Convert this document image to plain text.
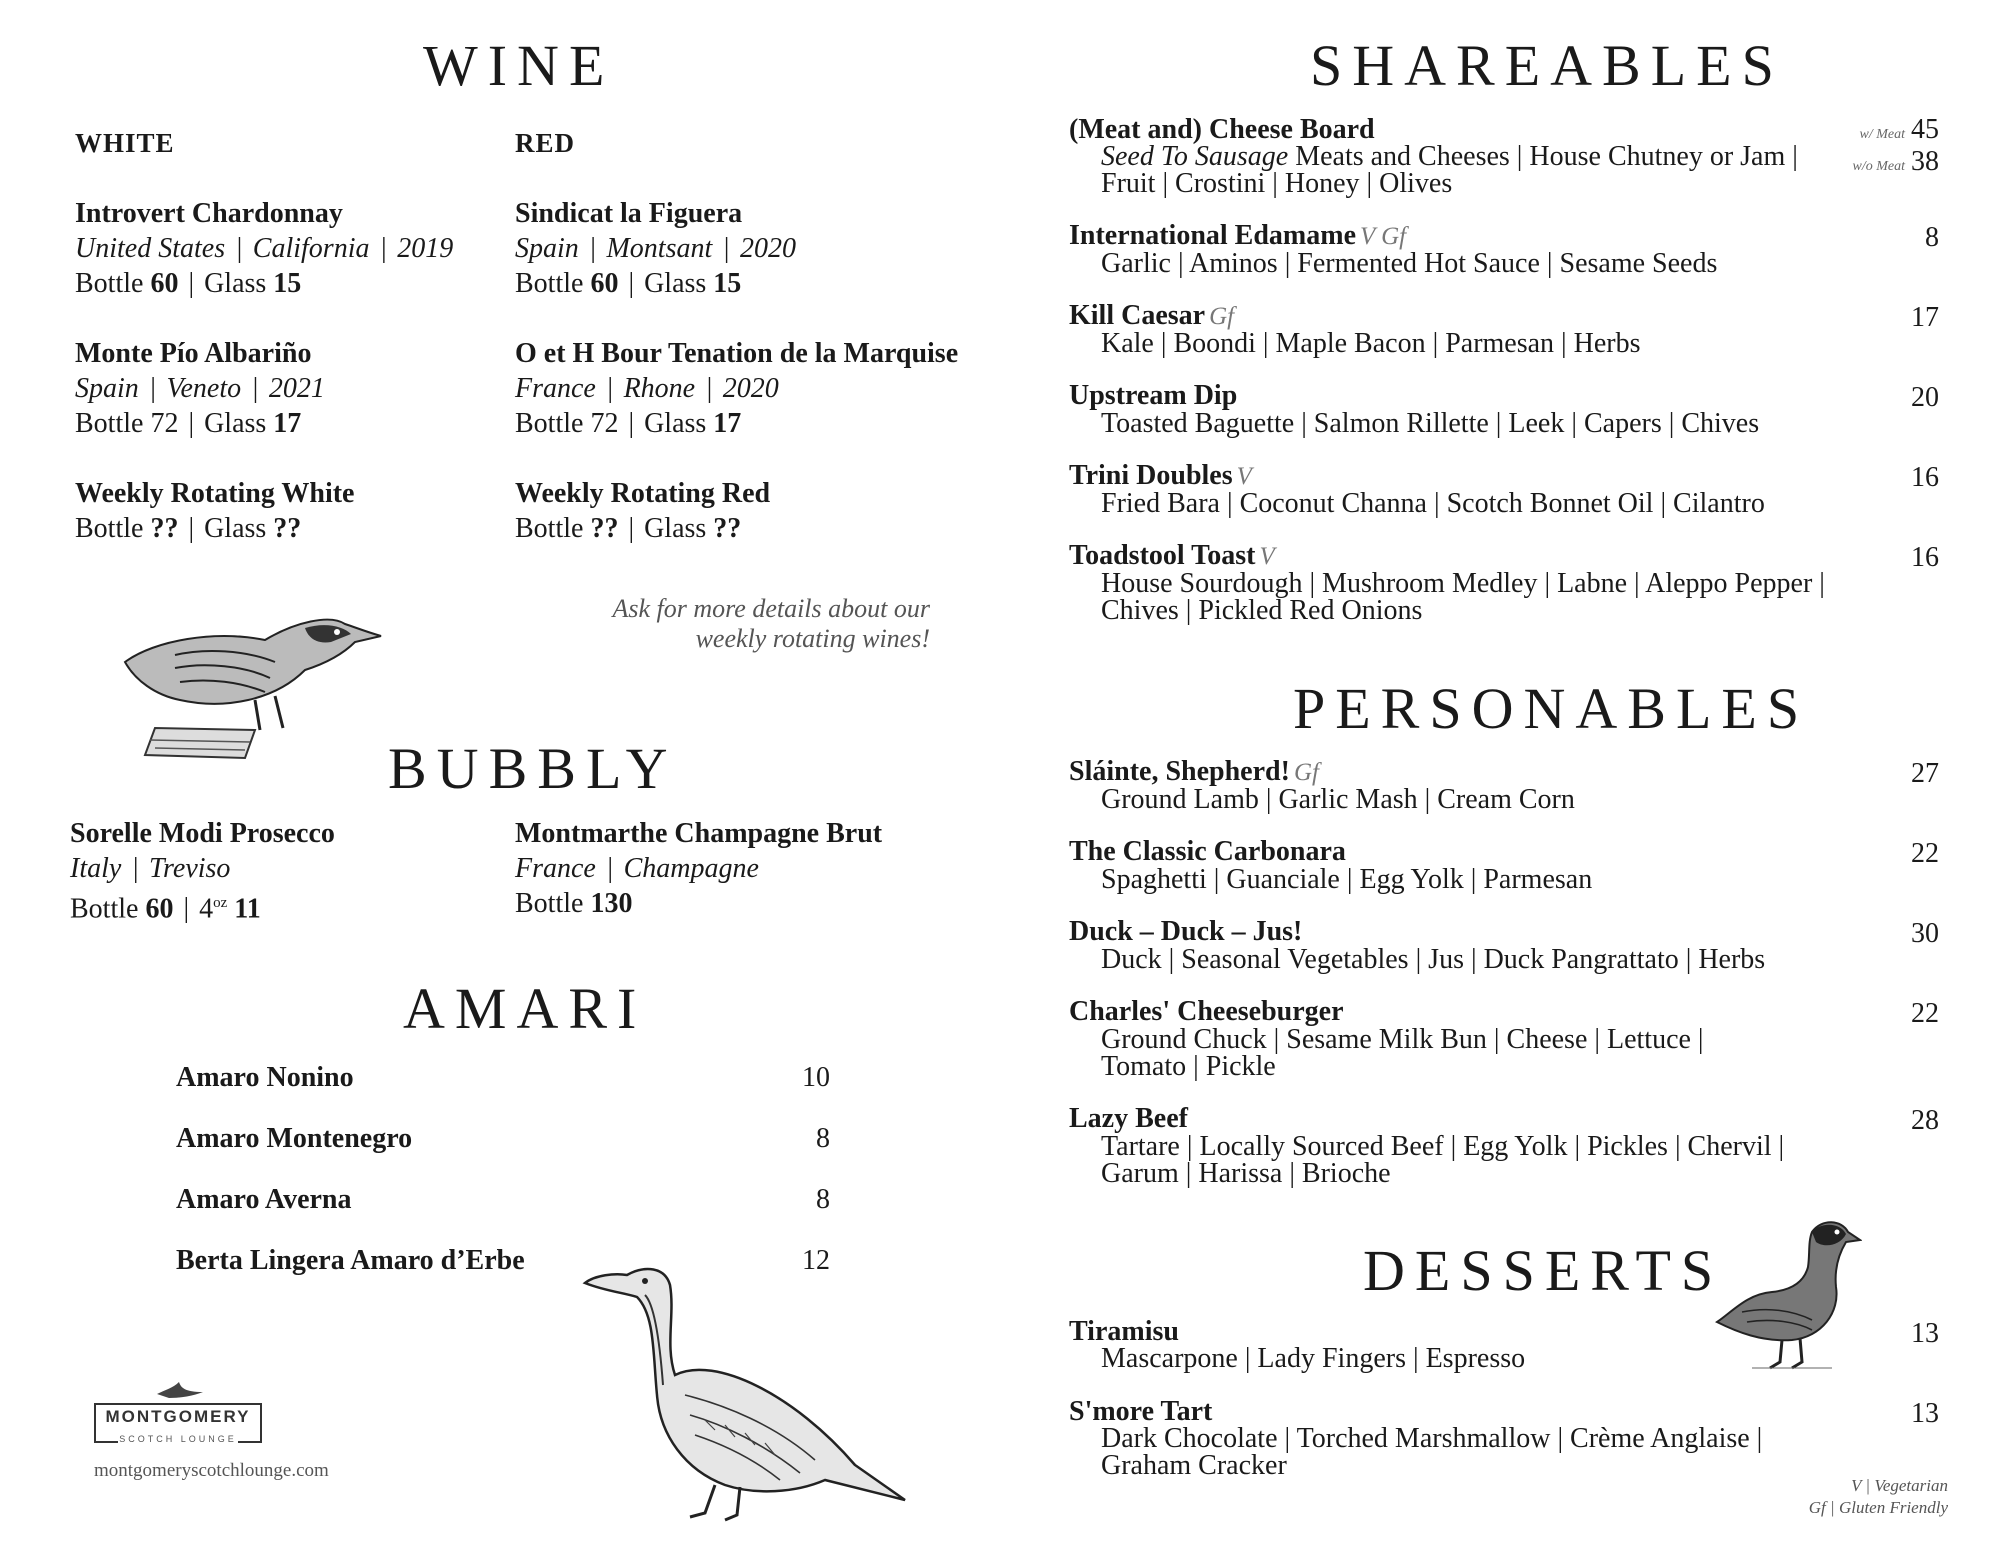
WINE
WHITE	RED
Introvert Chardonnay
United States | California | 2019
Bottle 60 | Glass 15
Monte Pío Albariño
Spain | Veneto | 2021
Bottle 72 | Glass 17
Weekly Rotating White
Bottle ?? | Glass ??
Sindicat la Figuera
Spain | Montsant | 2020
Bottle 60 | Glass 15
O et H Bour Tenation de la Marquise
France | Rhone | 2020
Bottle 72 | Glass 17
Weekly Rotating Red
Bottle ?? | Glass ??
Ask for more details about our
weekly rotating wines!
BUBBLY
Sorelle Modi Prosecco
Italy | Treviso
Bottle 60 | $4^{oz}$ 11
Montmarthe Champagne Brut
France | Champagne
Bottle 130
AMARI
Amaro Nonino	10
Amaro Montenegro	8
Amaro Averna	8
Berta Lingera Amaro d’Erbe	12
MONTGOMERY
SCOTCH LOUNGE
montgomeryscotchlounge.com
SHAREABLES
(Meat and) Cheese Board
Seed To Sausage Meats and Cheeses | House Chutney or Jam |
Fruit | Crostini | Honey | Olives
w/ Meat 45
w/o Meat 38
International Edamame V Gf
Garlic | Aminos | Fermented Hot Sauce | Sesame Seeds
8
Kill Caesar Gf
Kale | Boondi | Maple Bacon | Parmesan | Herbs
17
Upstream Dip
Toasted Baguette | Salmon Rillette | Leek | Capers | Chives
20
Trini Doubles V
Fried Bara | Coconut Channa | Scotch Bonnet Oil | Cilantro
16
Toadstool Toast V
House Sourdough | Mushroom Medley | Labne | Aleppo Pepper |
Chives | Pickled Red Onions
16
PERSONABLES
Sláinte, Shepherd! Gf
Ground Lamb | Garlic Mash | Cream Corn
27
The Classic Carbonara
Spaghetti | Guanciale | Egg Yolk | Parmesan
22
Duck – Duck – Jus!
Duck | Seasonal Vegetables | Jus | Duck Pangrattato | Herbs
30
Charles' Cheeseburger
Ground Chuck | Sesame Milk Bun | Cheese | Lettuce |
Tomato | Pickle
22
Lazy Beef
Tartare | Locally Sourced Beef | Egg Yolk | Pickles | Chervil |
Garum | Harissa | Brioche
28
DESSERTS
Tiramisu
Mascarpone | Lady Fingers | Espresso
13
S'more Tart
Dark Chocolate | Torched Marshmallow | Crème Anglaise |
Graham Cracker
13
V | Vegetarian
Gf | Gluten Friendly
